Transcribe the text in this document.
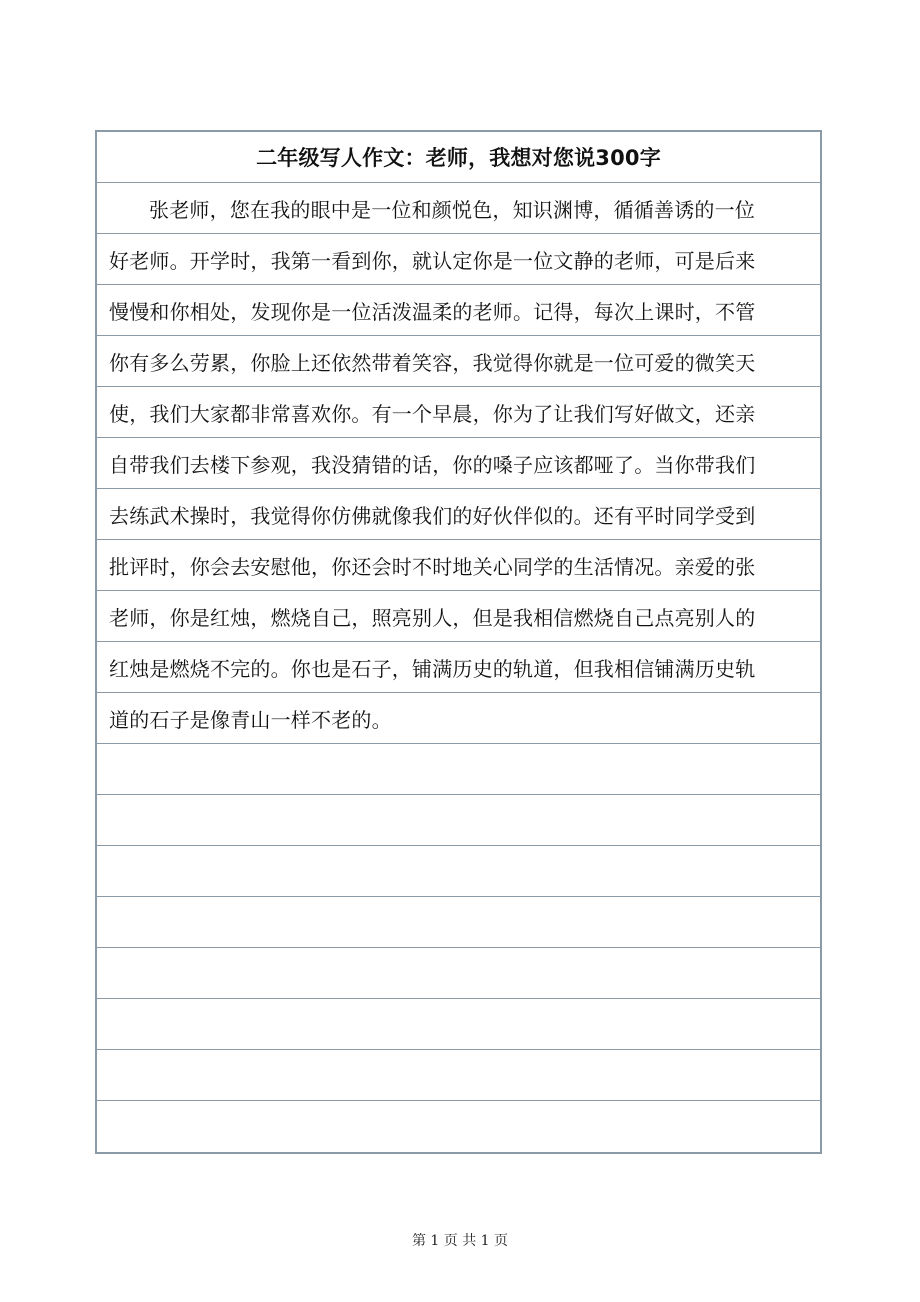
二年级写人作文：老师，我想对您说300字
张老师，您在我的眼中是一位和颜悦色，知识渊博，循循善诱的一位
好老师。开学时，我第一看到你，就认定你是一位文静的老师，可是后来
慢慢和你相处，发现你是一位活泼温柔的老师。记得，每次上课时，不管
你有多么劳累，你脸上还依然带着笑容，我觉得你就是一位可爱的微笑天
使，我们大家都非常喜欢你。有一个早晨，你为了让我们写好做文，还亲
自带我们去楼下参观，我没猜错的话，你的嗓子应该都哑了。当你带我们
去练武术操时，我觉得你仿佛就像我们的好伙伴似的。还有平时同学受到
批评时，你会去安慰他，你还会时不时地关心同学的生活情况。亲爱的张
老师，你是红烛，燃烧自己，照亮别人，但是我相信燃烧自己点亮别人的
红烛是燃烧不完的。你也是石子，铺满历史的轨道，但我相信铺满历史轨
道的石子是像青山一样不老的。
第 1 页 共 1 页
